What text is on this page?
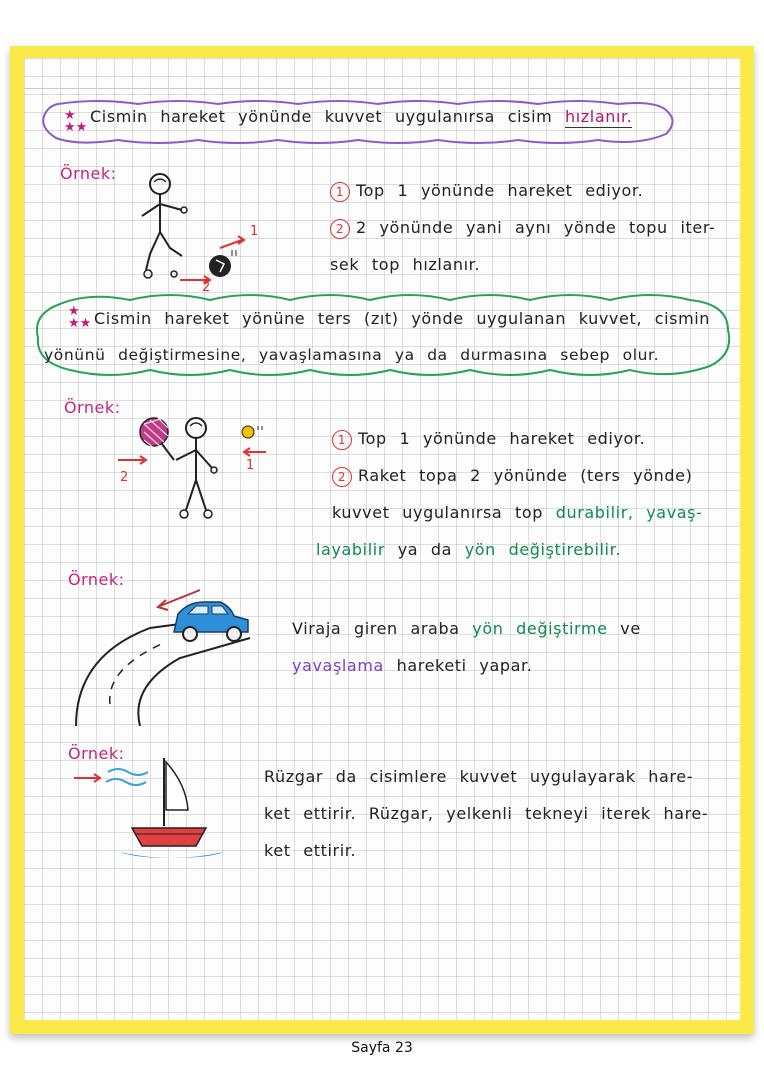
★
★★
Cismin hareket yönünde kuvvet uygulanırsa cisim hızlanır.
Örnek:
1
2
1 Top 1 yönünde hareket ediyor.
2 2 yönünde yani aynı yönde topu iter-
sek top hızlanır.
★
★★ Cismin hareket yönüne ters (zıt) yönde uygulanan kuvvet, cismin
yönünü değiştirmesine, yavaşlamasına ya da durmasına sebep olur.
Örnek:
2
1
1 Top 1 yönünde hareket ediyor.
2 Raket topa 2 yönünde (ters yönde)
kuvvet uygulanırsa top durabilir, yavaş-
layabilir ya da yön değiştirebilir.
Örnek:
Viraja giren araba yön değiştirme ve
yavaşlama hareketi yapar.
Örnek:
Rüzgar da cisimlere kuvvet uygulayarak hare-
ket ettirir. Rüzgar, yelkenli tekneyi iterek hare-
ket ettirir.
Sayfa 23
